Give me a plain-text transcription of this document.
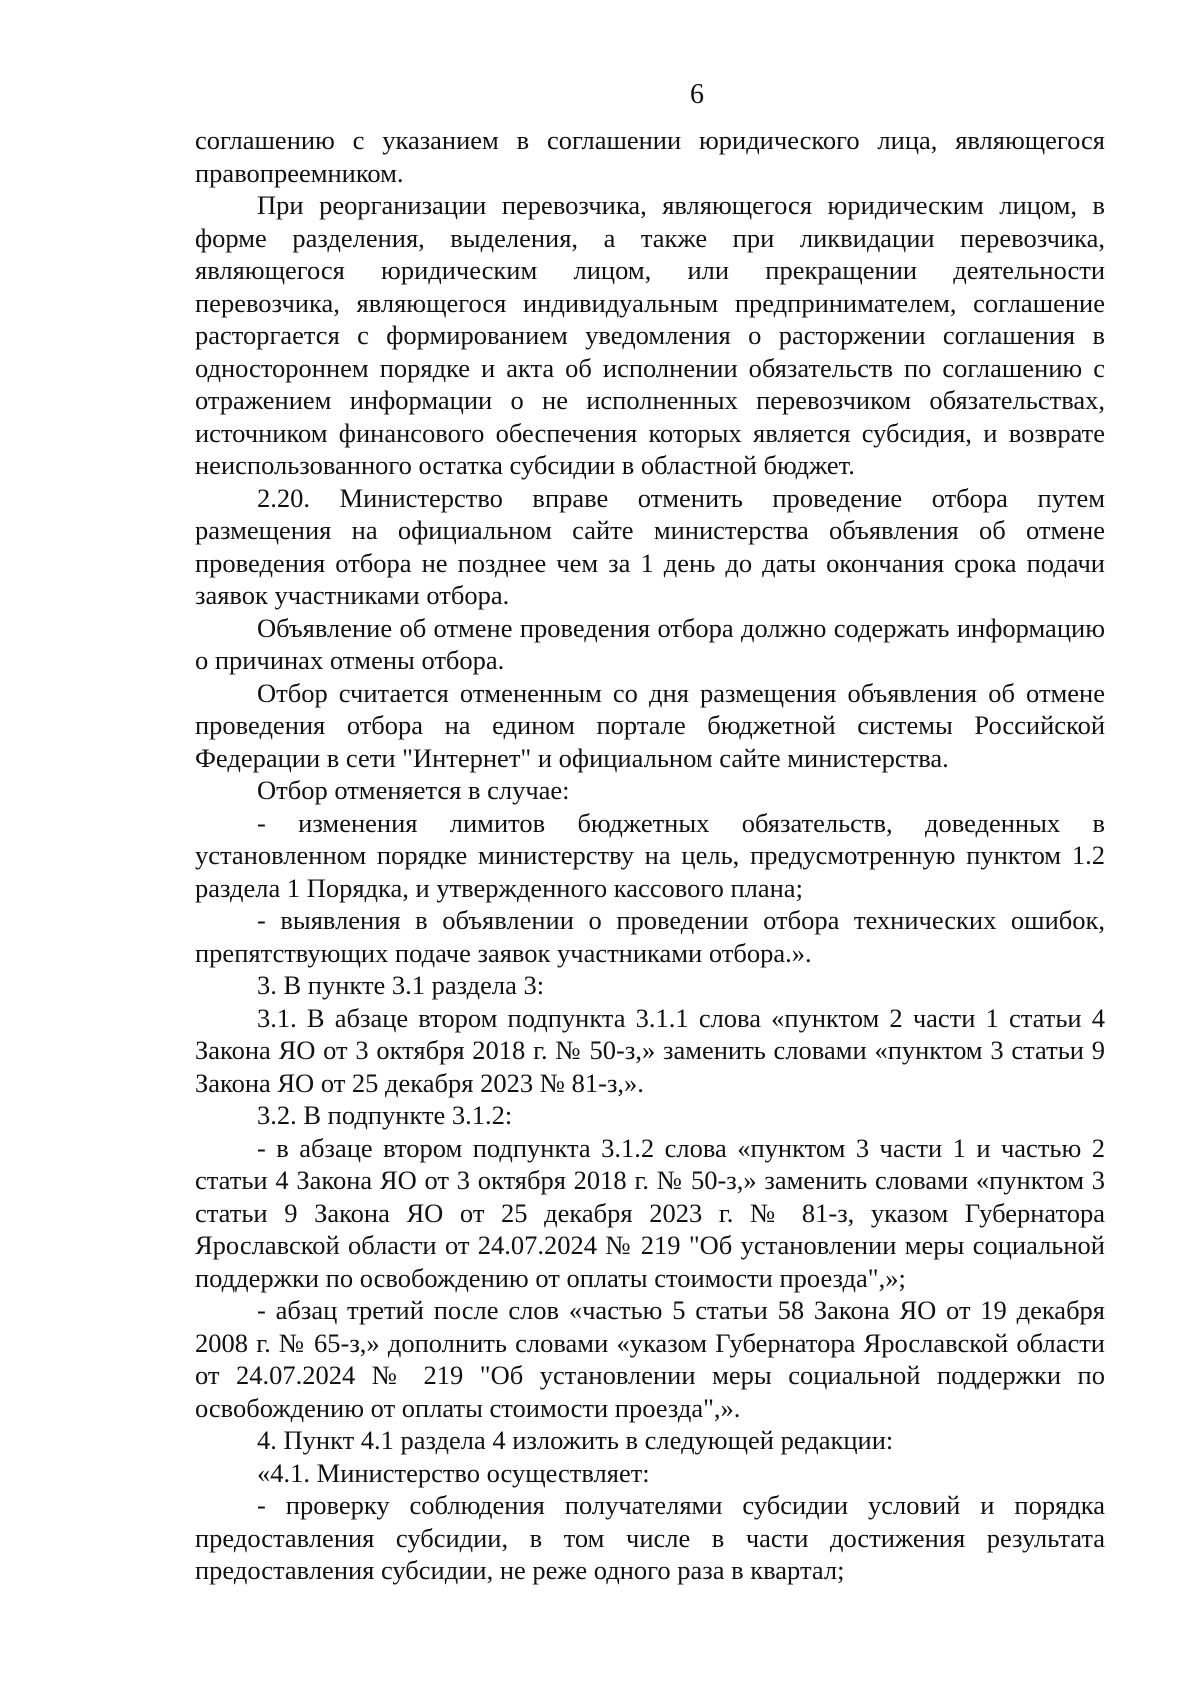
6

соглашению с указанием в соглашении юридического лица, являющегося правопреемником.

При реорганизации перевозчика, являющегося юридическим лицом, в форме разделения, выделения, а также при ликвидации перевозчика, являющегося юридическим лицом, или прекращении деятельности перевозчика, являющегося индивидуальным предпринимателем, соглашение расторгается с формированием уведомления о расторжении соглашения в одностороннем порядке и акта об исполнении обязательств по соглашению с отражением информации о не исполненных перевозчиком обязательствах, источником финансового обеспечения которых является субсидия, и возврате неиспользованного остатка субсидии в областной бюджет.

2.20. Министерство вправе отменить проведение отбора путем размещения на официальном сайте министерства объявления об отмене проведения отбора не позднее чем за 1 день до даты окончания срока подачи заявок участниками отбора.

Объявление об отмене проведения отбора должно содержать информацию о причинах отмены отбора.

Отбор считается отмененным со дня размещения объявления об отмене проведения отбора на едином портале бюджетной системы Российской Федерации в сети "Интернет" и официальном сайте министерства.

Отбор отменяется в случае:

- изменения лимитов бюджетных обязательств, доведенных в установленном порядке министерству на цель, предусмотренную пунктом 1.2 раздела 1 Порядка, и утвержденного кассового плана;

- выявления в объявлении о проведении отбора технических ошибок, препятствующих подаче заявок участниками отбора.».

3. В пункте 3.1 раздела 3:

3.1. В абзаце втором подпункта 3.1.1 слова «пунктом 2 части 1 статьи 4 Закона ЯО от 3 октября 2018 г. № 50-з,» заменить словами «пунктом 3 статьи 9 Закона ЯО от 25 декабря 2023 № 81-з,».

3.2. В подпункте 3.1.2:

- в абзаце втором подпункта 3.1.2 слова «пунктом 3 части 1 и частью 2 статьи 4 Закона ЯО от 3 октября 2018 г. № 50-з,» заменить словами «пунктом 3 статьи 9 Закона ЯО от 25 декабря 2023 г. № 81-з, указом Губернатора Ярославской области от 24.07.2024 № 219 "Об установлении меры социальной поддержки по освобождению от оплаты стоимости проезда",»;

- абзац третий после слов «частью 5 статьи 58 Закона ЯО от 19 декабря 2008 г. № 65-з,» дополнить словами «указом Губернатора Ярославской области от 24.07.2024 № 219 "Об установлении меры социальной поддержки по освобождению от оплаты стоимости проезда",».

4. Пункт 4.1 раздела 4 изложить в следующей редакции:

«4.1. Министерство осуществляет:

- проверку соблюдения получателями субсидии условий и порядка предоставления субсидии, в том числе в части достижения результата предоставления субсидии, не реже одного раза в квартал;
